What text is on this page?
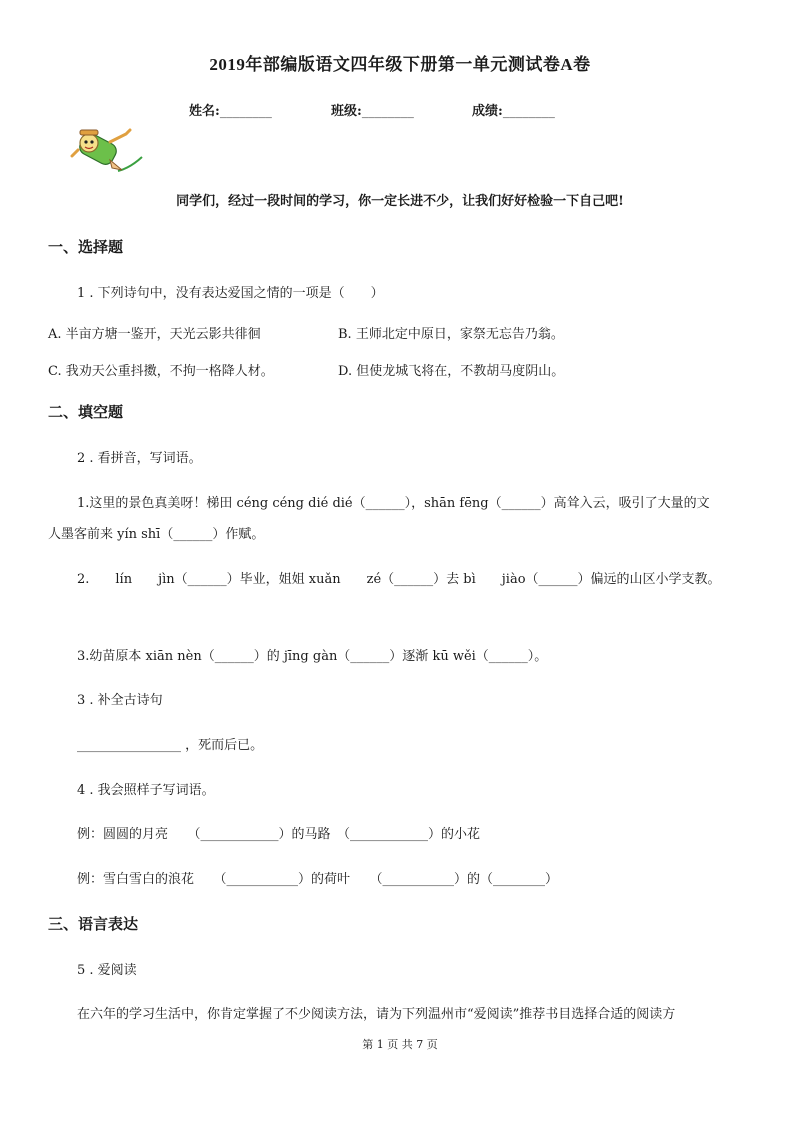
2019年部编版语文四年级下册第一单元测试卷A卷
姓名:________	班级:________	成绩:________
同学们，经过一段时间的学习，你一定长进不少，让我们好好检验一下自己吧!
一、选择题
1 . 下列诗句中，没有表达爱国之情的一项是（　　）
A. 半亩方塘一鉴开，天光云影共徘徊	B. 王师北定中原日，家祭无忘告乃翁。
C. 我劝天公重抖擞，不拘一格降人材。	D. 但使龙城飞将在，不教胡马度阴山。
二、填空题
2 . 看拼音，写词语。
1.这里的景色真美呀！梯田 céng céng dié dié（______），shān fēng（______）高耸入云，吸引了大量的文
人墨客前来 yín shī（______）作赋。
2.　　lín　　jìn（______）毕业，姐姐 xuǎn　　zé（______）去 bì　　jiào（______）偏远的山区小学支教。
3.幼苗原本 xiān nèn（______）的 jīng gàn（______）逐渐 kū wěi（______）。
3 . 补全古诗句
________________ ，死而后已。
4 . 我会照样子写词语。
例：圆圆的月亮　　（____________）的马路　（____________）的小花
例：雪白雪白的浪花　　（___________）的荷叶　　（___________）的（________）
三、语言表达
5 . 爱阅读
在六年的学习生活中，你肯定掌握了不少阅读方法，请为下列温州市“爱阅读”推荐书目选择合适的阅读方
第 1 页 共 7 页
